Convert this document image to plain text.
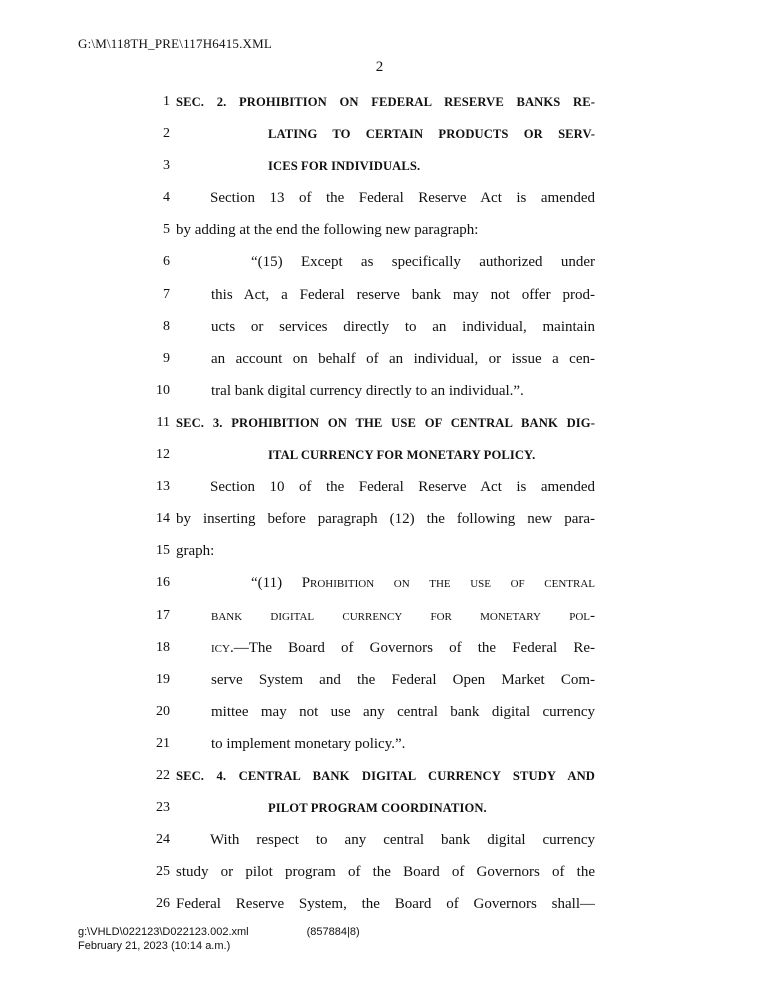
G:\M\118TH_PRE\117H6415.XML
2
1 SEC. 2. PROHIBITION ON FEDERAL RESERVE BANKS RE-
2	LATING TO CERTAIN PRODUCTS OR SERV-
3	ICES FOR INDIVIDUALS.
4	Section 13 of the Federal Reserve Act is amended
5 by adding at the end the following new paragraph:
6	“(15) Except as specifically authorized under
7	this Act, a Federal reserve bank may not offer prod-
8	ucts or services directly to an individual, maintain
9	an account on behalf of an individual, or issue a cen-
10	tral bank digital currency directly to an individual.”.
11 SEC. 3. PROHIBITION ON THE USE OF CENTRAL BANK DIG-
12	ITAL CURRENCY FOR MONETARY POLICY.
13	Section 10 of the Federal Reserve Act is amended
14 by inserting before paragraph (12) the following new para-
15 graph:
16	“(11) Prohibition on the use of central
17	bank digital currency for monetary pol-
18	icy.—The Board of Governors of the Federal Re-
19	serve System and the Federal Open Market Com-
20	mittee may not use any central bank digital currency
21	to implement monetary policy.”.
22 SEC. 4. CENTRAL BANK DIGITAL CURRENCY STUDY AND
23	PILOT PROGRAM COORDINATION.
24	With respect to any central bank digital currency
25 study or pilot program of the Board of Governors of the
26 Federal Reserve System, the Board of Governors shall—
g:\VHLD\022123\D022123.002.xml	(857884|8)
February 21, 2023 (10:14 a.m.)
